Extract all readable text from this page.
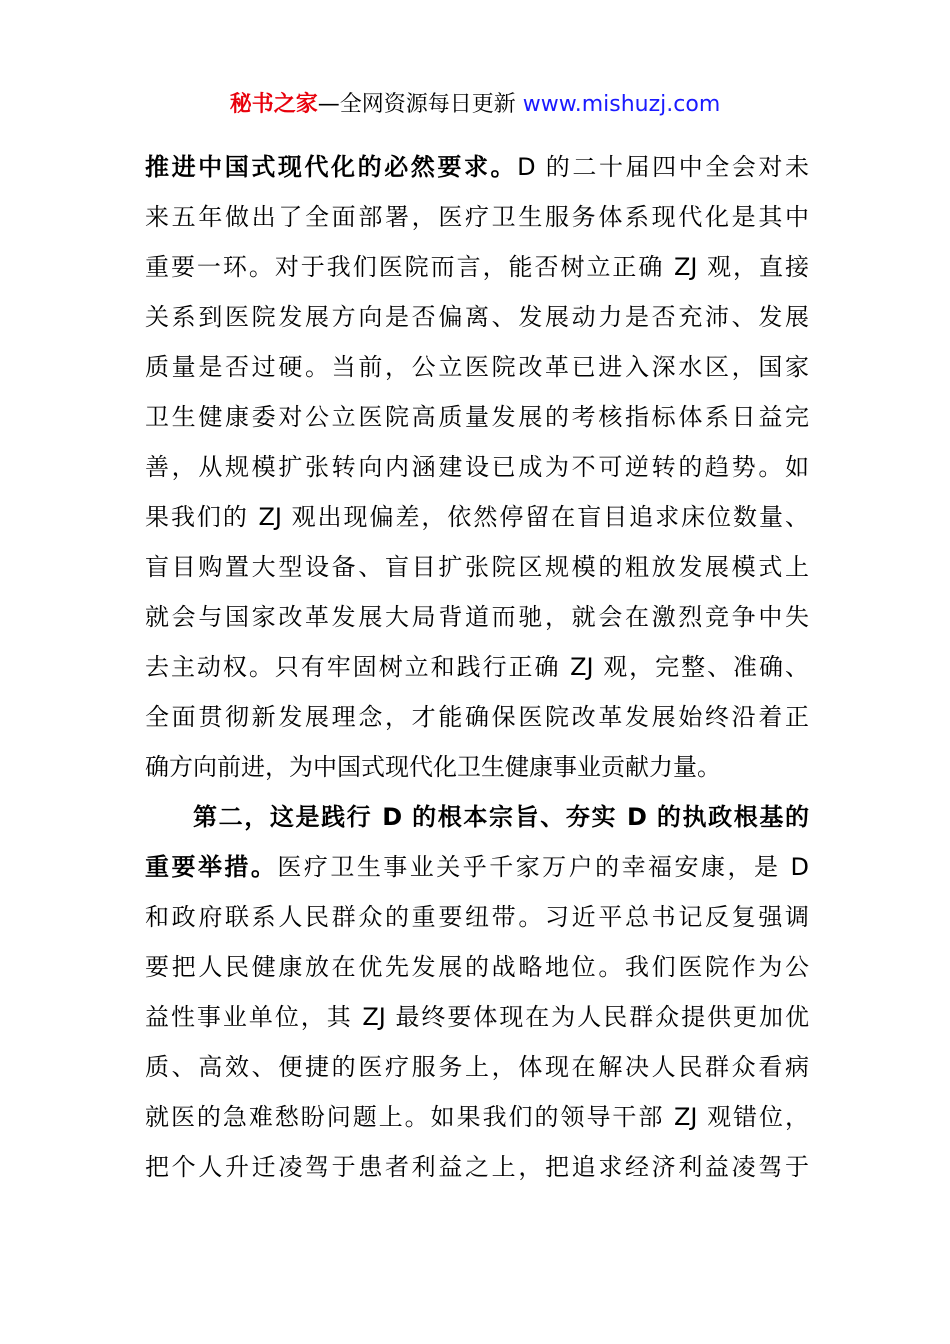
秘书之家—全网资源每日更新 www.mishuzj.com
推进中国式现代化的必然要求。D 的二十届四中全会对未
来五年做出了全面部署，医疗卫生服务体系现代化是其中
重要一环。对于我们医院而言，能否树立正确 ZJ 观，直接
关系到医院发展方向是否偏离、发展动力是否充沛、发展
质量是否过硬。当前，公立医院改革已进入深水区，国家
卫生健康委对公立医院高质量发展的考核指标体系日益完
善，从规模扩张转向内涵建设已成为不可逆转的趋势。如
果我们的 ZJ 观出现偏差，依然停留在盲目追求床位数量、
盲目购置大型设备、盲目扩张院区规模的粗放发展模式上
就会与国家改革发展大局背道而驰，就会在激烈竞争中失
去主动权。只有牢固树立和践行正确 ZJ 观，完整、准确、
全面贯彻新发展理念，才能确保医院改革发展始终沿着正
确方向前进，为中国式现代化卫生健康事业贡献力量。
第二，这是践行 D 的根本宗旨、夯实 D 的执政根基的
重要举措。医疗卫生事业关乎千家万户的幸福安康，是 D
和政府联系人民群众的重要纽带。习近平总书记反复强调
要把人民健康放在优先发展的战略地位。我们医院作为公
益性事业单位，其 ZJ 最终要体现在为人民群众提供更加优
质、高效、便捷的医疗服务上，体现在解决人民群众看病
就医的急难愁盼问题上。如果我们的领导干部 ZJ 观错位，
把个人升迁凌驾于患者利益之上，把追求经济利益凌驾于
